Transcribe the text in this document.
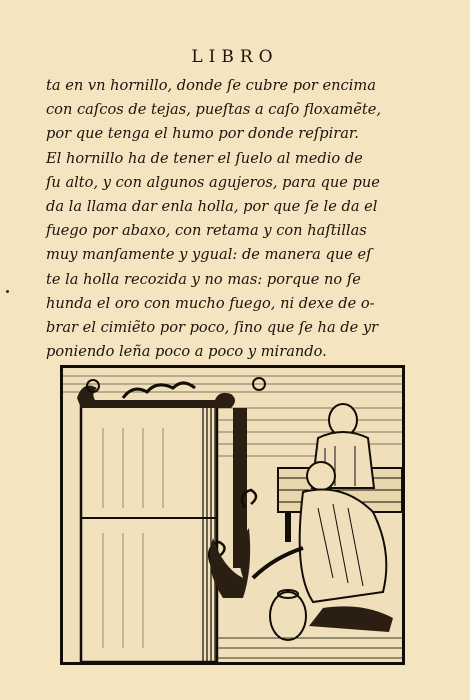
LIBRO
ta en vn hornillo, donde ſe cubre por encima
con caſcos de tejas, pueſtas a caſo floxamẽte,
por que tenga el humo por donde reſpirar.
El hornillo ha de tener el ſuelo al medio de
ſu alto, y con algunos agujeros, para que pue
da la llama dar enla holla, por que ſe le da el
fuego por abaxo, con retama y con haſtillas
muy manſamente y ygual: de manera que eſ
te la holla recozida y no mas: porque no ſe
hunda el oro con mucho fuego, ni dexe de o-
brar el cimiẽto por poco, ſino que ſe ha de yr
poniendo leña poco a poco y mirando.
